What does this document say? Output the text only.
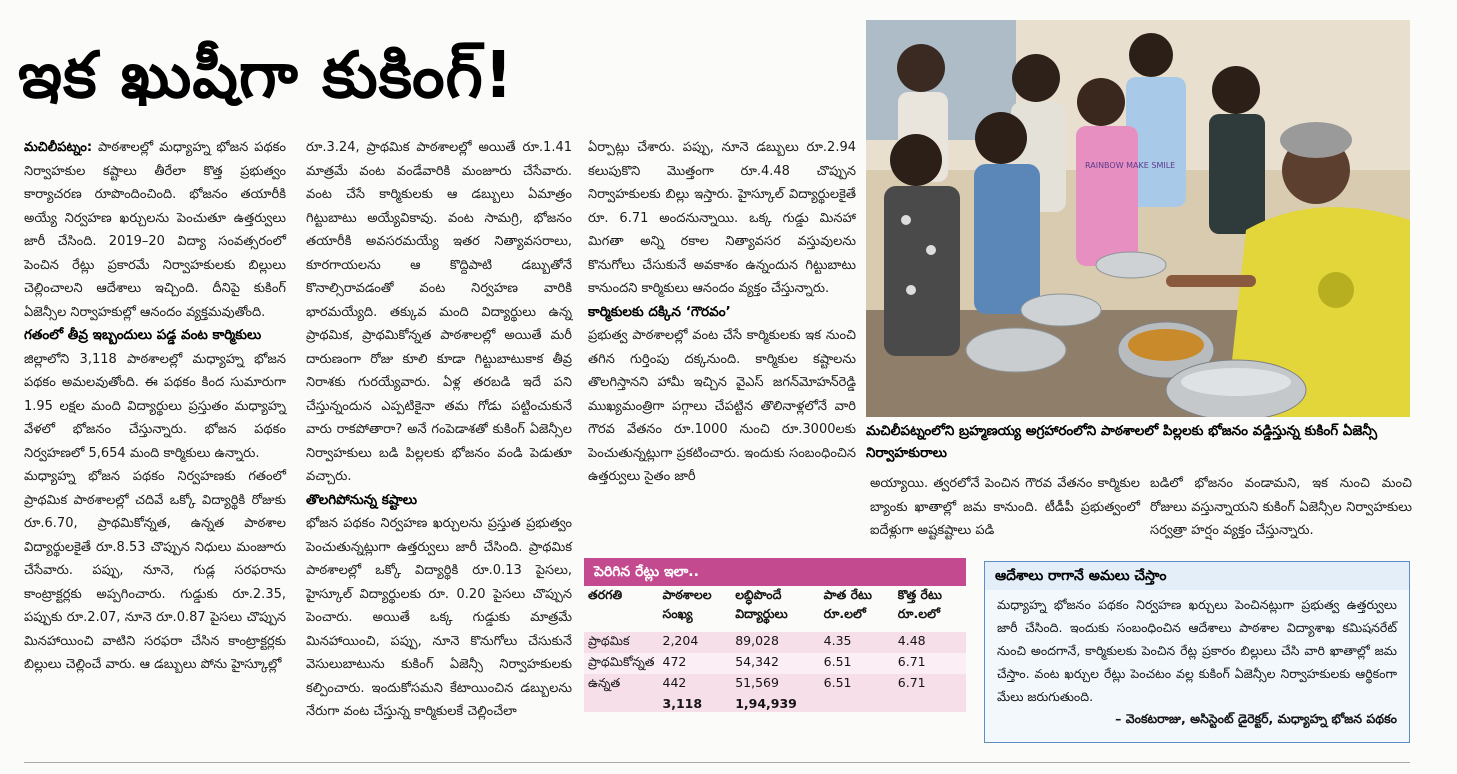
ఇక ఖుషీగా కుకింగ్!

మచిలీపట్నం: పాఠశాలల్లో మధ్యాహ్న భోజన పథకం నిర్వాహకుల కష్టాలు తీరేలా కొత్త ప్రభుత్వం కార్యాచరణ రూపొందించింది. భోజనం తయారీకి అయ్యే నిర్వహణ ఖర్చులను పెంచుతూ ఉత్తర్వులు జారీ చేసింది. 2019–20 విద్యా సంవత్సరంలో పెంచిన రేట్లు ప్రకారమే నిర్వాహకులకు బిల్లులు చెల్లించాలని ఆదేశాలు ఇచ్చింది. దీనిపై కుకింగ్ ఏజెన్సీల నిర్వాహకుల్లో ఆనందం వ్యక్తమవుతోంది.

గతంలో తీవ్ర ఇబ్బందులు పడ్డ వంట కార్మికులు

జిల్లాలోని 3,118 పాఠశాలల్లో మధ్యాహ్న భోజన పథకం అమలవుతోంది. ఈ పథకం కింద సుమారుగా 1.95 లక్షల మంది విద్యార్థులు ప్రస్తుతం మధ్యాహ్న వేళలో భోజనం చేస్తున్నారు. భోజన పథకం నిర్వహణలో 5,654 మంది కార్మికులు ఉన్నారు.

మధ్యాహ్న భోజన పథకం నిర్వహణకు గతంలో ప్రాథమిక పాఠశాలల్లో చదివే ఒక్కో విద్యార్థికి రోజుకు రూ.6.70, ప్రాథమికోన్నత, ఉన్నత పాఠశాల విద్యార్థులకైతే రూ.8.53 చొప్పున నిధులు మంజూరు చేసేవారు. పప్పు, నూనె, గుడ్ల సరఫరాను కాంట్రాక్టర్లకు అప్పగించారు. గుడ్డుకు రూ.2.35, పప్పుకు రూ.2.07, నూనె రూ.0.87 పైసలు చొప్పున మినహాయించి వాటిని సరఫరా చేసిన కాంట్రాక్టర్లకు బిల్లులు చెల్లించే వారు. ఆ డబ్బులు పోను హైస్కూల్లో

రూ.3.24, ప్రాథమిక పాఠశాలల్లో అయితే రూ.1.41 మాత్రమే వంట వండేవారికి మంజూరు చేసేవారు. వంట చేసే కార్మికులకు ఆ డబ్బులు ఏమాత్రం గిట్టుబాటు అయ్యేవికావు. వంట సామగ్రి, భోజనం తయారీకి అవసరమయ్యే ఇతర నిత్యావసరాలు, కూరగాయలను ఆ కొద్దిపాటి డబ్బుతోనే కొనాల్సిరావడంతో వంట నిర్వహణ వారికి భారమయ్యేది. తక్కువ మంది విద్యార్థులు ఉన్న ప్రాథమిక, ప్రాథమికోన్నత పాఠశాలల్లో అయితే మరీ దారుణంగా రోజు కూలి కూడా గిట్టుబాటుకాక తీవ్ర నిరాశకు గురయ్యేవారు. ఏళ్ల తరబడి ఇదే పని చేస్తున్నందున ఎప్పటికైనా తమ గోడు పట్టించుకునే వారు రాకపోతారా? అనే గంపెడాశతో కుకింగ్ ఏజెన్సీల నిర్వాహకులు బడి పిల్లలకు భోజనం వండి పెడుతూ వచ్చారు.

తొలగిపోనున్న కష్టాలు

భోజన పథకం నిర్వహణ ఖర్చులను ప్రస్తుత ప్రభుత్వం పెంచుతున్నట్లుగా ఉత్తర్వులు జారీ చేసింది. ప్రాథమిక పాఠశాలల్లో ఒక్కో విద్యార్థికి రూ.0.13 పైసలు, హైస్కూల్ విద్యార్థులకు రూ. 0.20 పైసలు చొప్పున పెంచారు. అయితే ఒక్క గుడ్డుకు మాత్రమే మినహాయించి, పప్పు, నూనె కొనుగోలు చేసుకునే వెసులుబాటును కుకింగ్ ఏజెన్సీ నిర్వాహకులకు కల్పించారు. ఇందుకోసమని కేటాయించిన డబ్బులను నేరుగా వంట చేస్తున్న కార్మికులకే చెల్లించేలా

ఏర్పాట్లు చేశారు. పప్పు, నూనె డబ్బులు రూ.2.94 కలుపుకొని మొత్తంగా రూ.4.48 చొప్పున నిర్వాహకులకు బిల్లు ఇస్తారు. హైస్కూల్ విద్యార్థులకైతే రూ. 6.71 అందనున్నాయి. ఒక్క గుడ్డు మినహా మిగతా అన్ని రకాల నిత్యావసర వస్తువులను కొనుగోలు చేసుకునే అవకాశం ఉన్నందున గిట్టుబాటు కానుందని కార్మికులు ఆనందం వ్యక్తం చేస్తున్నారు.

కార్మికులకు దక్కిన ‘గౌరవం’

ప్రభుత్వ పాఠశాలల్లో వంట చేసే కార్మికులకు ఇక నుంచి తగిన గుర్తింపు దక్కనుంది. కార్మికుల కష్టాలను తొలగిస్తానని హామీ ఇచ్చిన వైఎస్ జగన్‌మోహన్‌రెడ్డి ముఖ్యమంత్రిగా పగ్గాలు చేపట్టిన తొలినాళ్లలోనే వారి గౌరవ వేతనం రూ.1000 నుంచి రూ.3000లకు పెంచుతున్నట్లుగా ప్రకటించారు. ఇందుకు సంబంధించిన ఉత్తర్వులు సైతం జారీ

RAINBOW MAKE SMILE
మచిలీపట్నంలోని బ్రహ్మణయ్య అగ్రహారంలోని పాఠశాలలో పిల్లలకు భోజనం వడ్డిస్తున్న కుకింగ్ ఏజెన్సీ నిర్వాహకురాలు
అయ్యాయి. త్వరలోనే పెంచిన గౌరవ వేతనం కార్మికుల బ్యాంకు ఖాతాల్లో జమ కానుంది. టీడీపీ ప్రభుత్వంలో ఐదేళ్లుగా అష్టకష్టాలు పడి
బడిలో భోజనం వండామని, ఇక నుంచి మంచి రోజులు వస్తున్నాయని కుకింగ్ ఏజెన్సీల నిర్వాహకులు సర్వత్రా హర్షం వ్యక్తం చేస్తున్నారు.
పెరిగిన రేట్లు ఇలా..
తరగతి	పాఠశాలల సంఖ్య	లబ్ధిపొందే విద్యార్థులు	పాత రేటు రూ.లలో	కొత్త రేటు రూ.లలో
ప్రాథమిక	2,204	89,028	4.35	4.48
ప్రాథమికోన్నత	472	54,342	6.51	6.71
ఉన్నత	442	51,569	6.51	6.71
	3,118	1,94,939		
ఆదేశాలు రాగానే అమలు చేస్తాం
మధ్యాహ్న భోజనం పథకం నిర్వహణ ఖర్చులు పెంచినట్లుగా ప్రభుత్వ ఉత్తర్వులు జారీ చేసింది. ఇందుకు సంబంధించిన ఆదేశాలు పాఠశాల విద్యాశాఖ కమిషనరేట్ నుంచి అందగానే, కార్మికులకు పెంచిన రేట్ల ప్రకారం బిల్లులు చేసి వారి ఖాతాల్లో జమ చేస్తాం. వంట ఖర్చుల రేట్లు పెంచటం వల్ల కుకింగ్ ఏజెన్సీల నిర్వాహకులకు ఆర్థికంగా మేలు జరుగుతుంది.
– వెంకటరాజు, అసిస్టెంట్ డైరెక్టర్, మధ్యాహ్న భోజన పథకం
